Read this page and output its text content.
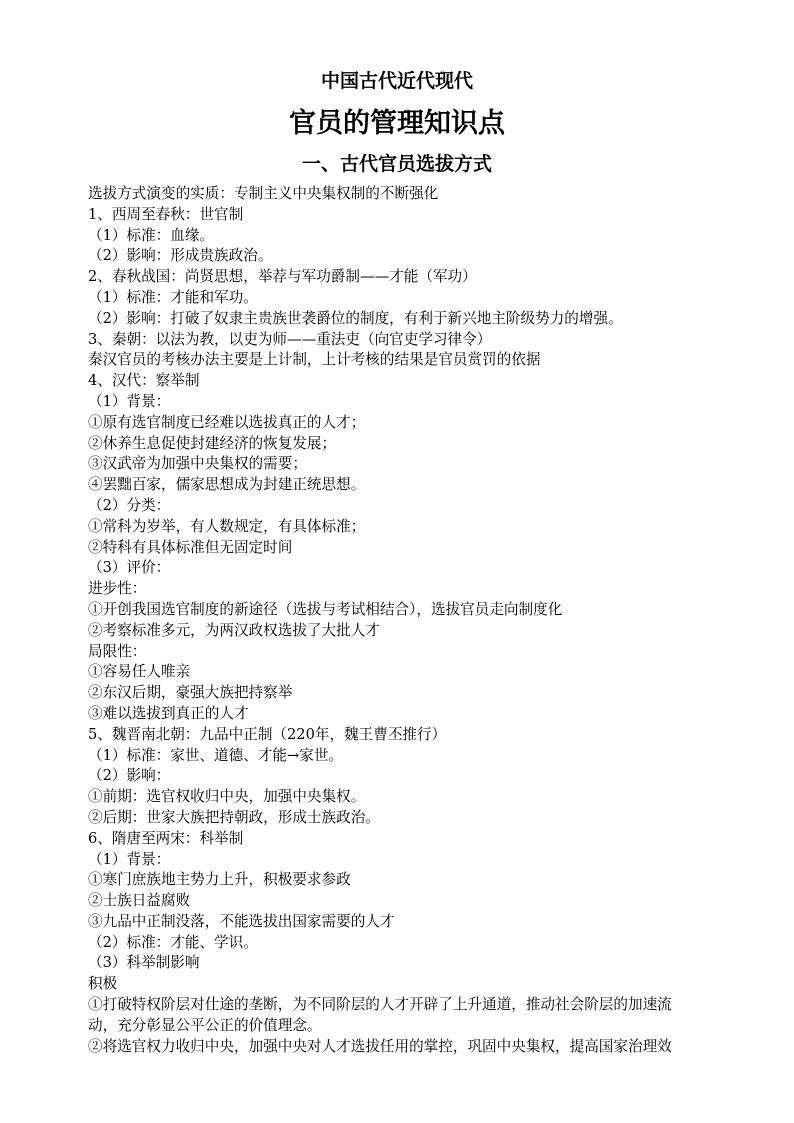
中国古代近代现代
官员的管理知识点
一、古代官员选拔方式
选拔方式演变的实质：专制主义中央集权制的不断强化
1、西周至春秋：世官制
（1）标准：血缘。
（2）影响：形成贵族政治。
2、春秋战国：尚贤思想，举荐与军功爵制——才能（军功）
（1）标准：才能和军功。
（2）影响：打破了奴隶主贵族世袭爵位的制度，有利于新兴地主阶级势力的增强。
3、秦朝：以法为教，以吏为师——重法吏（向官吏学习律令）
秦汉官员的考核办法主要是上计制，上计考核的结果是官员赏罚的依据
4、汉代：察举制
（1）背景：
①原有选官制度已经难以选拔真正的人才；
②休养生息促使封建经济的恢复发展；
③汉武帝为加强中央集权的需要；
④罢黜百家，儒家思想成为封建正统思想。
（2）分类：
①常科为岁举，有人数规定，有具体标准；
②特科有具体标准但无固定时间
（3）评价：
进步性：
①开创我国选官制度的新途径（选拔与考试相结合），选拔官员走向制度化
②考察标准多元，为两汉政权选拔了大批人才
局限性：
①容易任人唯亲
②东汉后期，豪强大族把持察举
③难以选拔到真正的人才
5、魏晋南北朝：九品中正制（220年，魏王曹丕推行）
（1）标准：家世、道德、才能→家世。
（2）影响：
①前期：选官权收归中央，加强中央集权。
②后期：世家大族把持朝政，形成士族政治。
6、隋唐至两宋：科举制
（1）背景：
①寒门庶族地主势力上升，积极要求参政
②士族日益腐败
③九品中正制没落，不能选拔出国家需要的人才
（2）标准：才能、学识。
（3）科举制影响
积极
①打破特权阶层对仕途的垄断，为不同阶层的人才开辟了上升通道，推动社会阶层的加速流
动，充分彰显公平公正的价值理念。
②将选官权力收归中央，加强中央对人才选拔任用的掌控，巩固中央集权，提高国家治理效
